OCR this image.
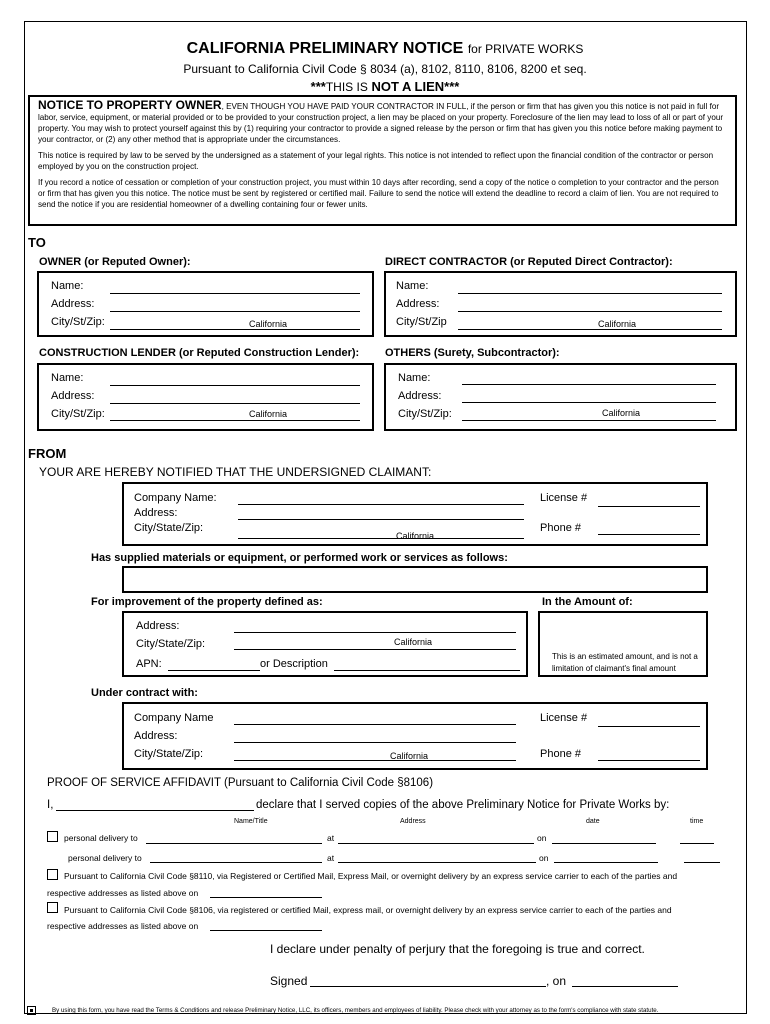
CALIFORNIA PRELIMINARY NOTICE for PRIVATE WORKS
Pursuant to California Civil Code § 8034 (a), 8102, 8110, 8106, 8200 et seq.
***THIS IS NOT A LIEN***

NOTICE TO PROPERTY OWNER, EVEN THOUGH YOU HAVE PAID YOUR CONTRACTOR IN FULL, if the person or firm that has given you this notice is not paid in full for labor, service, equipment, or material provided or to be provided to your construction project, a lien may be placed on your property. Foreclosure of the lien may lead to loss of all or part of your property. You may wish to protect yourself against this by (1) requiring your contractor to provide a signed release by the person or firm that has given you this notice before making payment to your contractor, or (2) any other method that is appropriate under the circumstances.

This notice is required by law to be served by the undersigned as a statement of your legal rights. This notice is not intended to reflect upon the financial condition of the contractor or person employed by you on the construction project.

If you record a notice of cessation or completion of your construction project, you must within 10 days after recording, send a copy of the notice o completion to your contractor and the person or firm that has given you this notice. The notice must be sent by registered or certified mail. Failure to send the notice will extend the deadline to record a claim of lien. You are not required to send the notice if you are residential homeowner of a dwelling containing four or fewer units.

TO
OWNER (or Reputed Owner):	DIRECT CONTRACTOR (or Reputed Direct Contractor):
Name:
Address:
City/St/Zip:	California
Name:
Address:
City/St/Zip	California
CONSTRUCTION LENDER (or Reputed Construction Lender): OTHERS (Surety, Subcontractor):
Name:
Address:
City/St/Zip:	California
Name:
Address:
City/St/Zip:	California
FROM
YOUR ARE HEREBY NOTIFIED THAT THE UNDERSIGNED CLAIMANT:
Company Name:
Address:
City/State/Zip:
California
License #
Phone #
Has supplied materials or equipment, or performed work or services as follows:
For improvement of the property defined as:	In the Amount of:
Address:
City/State/Zip:	California
APN:	or Description
This is an estimated amount, and is not a
limitation of claimant's final amount
Under contract with:
Company Name
Address:
City/State/Zip:	California
License #
Phone #
PROOF OF SERVICE AFFIDAVIT (Pursuant to California Civil Code §8106)
I,	declare that I served copies of the above Preliminary Notice for Private Works by:
Name/Title	Address	date	time
personal delivery to	at	on
personal delivery to	at	on
Pursuant to California Civil Code §8110, via Registered or Certified Mail, Express Mail, or overnight delivery by an express service carrier to each of the parties and
respective addresses as listed above on
Pursuant to California Civil Code §8106, via registered or certified Mail, express mail, or overnight delivery by an express service carrier to each of the parties and
respective addresses as listed above on
I declare under penalty of perjury that the foregoing is true and correct.
Signed	, on
By using this form, you have read the Terms & Conditions and release Preliminary Notice, LLC, its officers, members and employees of liability. Please check with your attorney as to the form's compliance with state statute.
